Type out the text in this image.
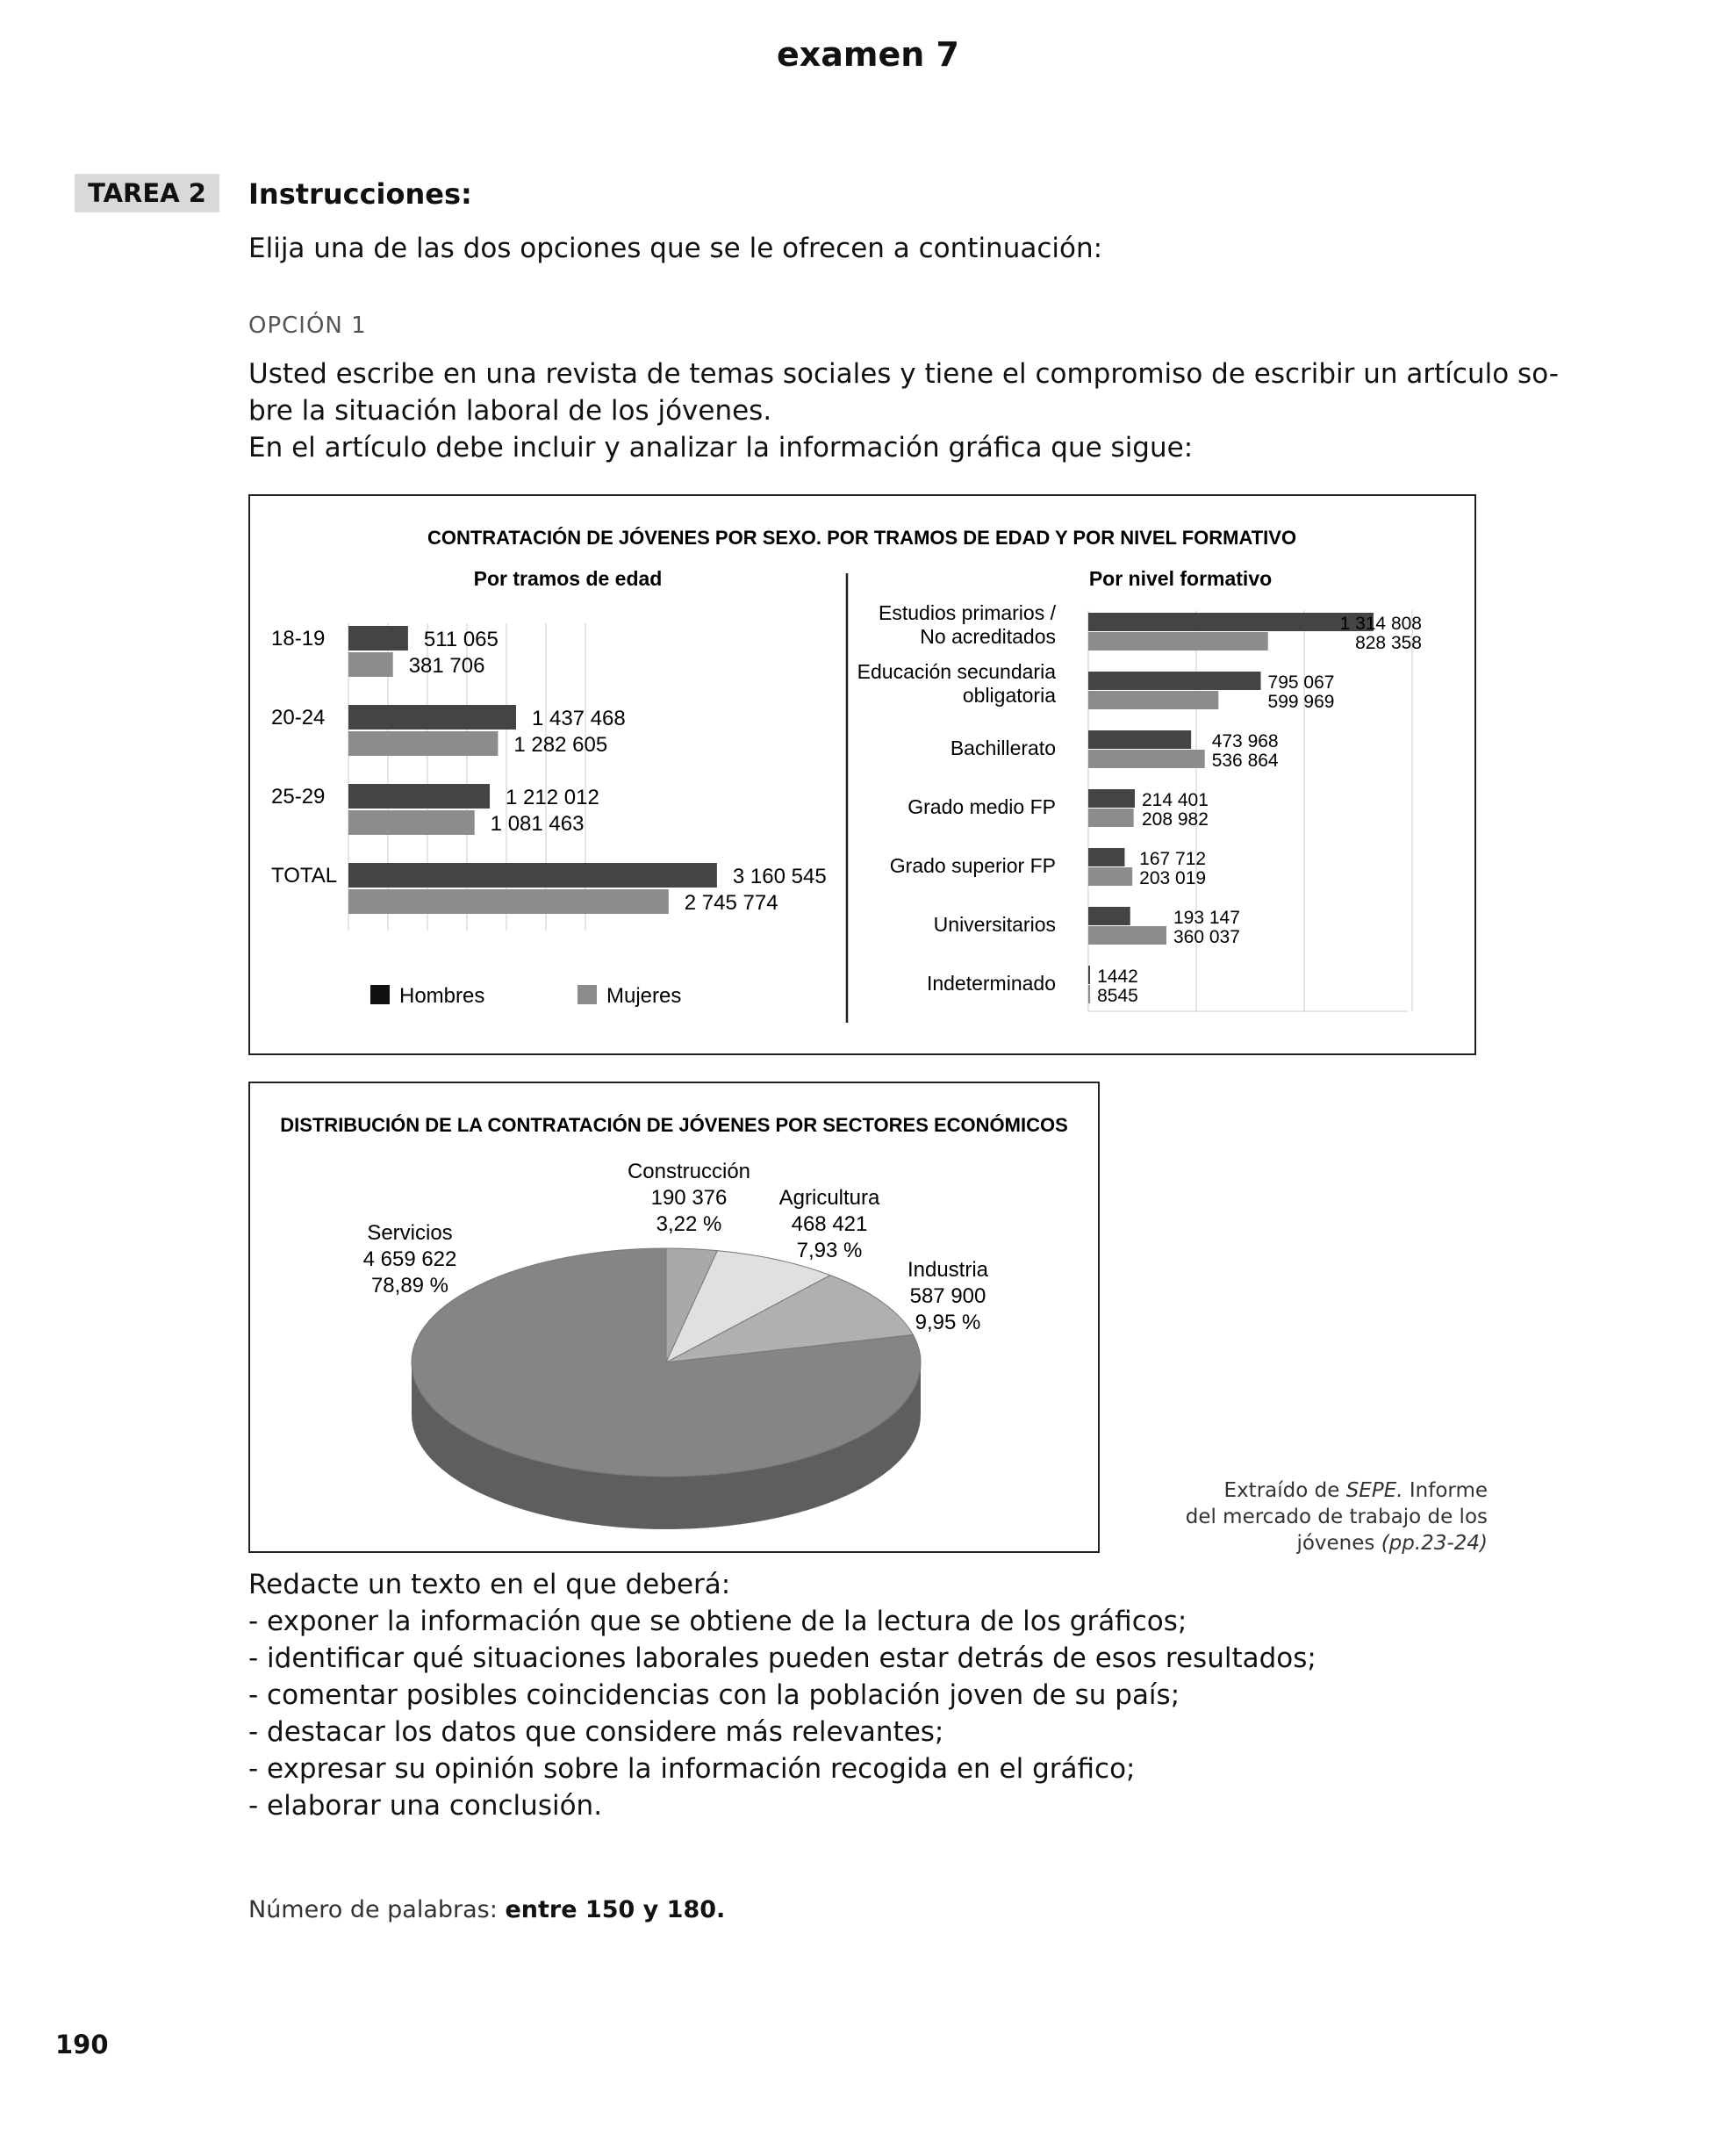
examen 7
TAREA 2	Instrucciones:
Elija una de las dos opciones que se le ofrecen a continuación:
OPCIÓN 1
Usted escribe en una revista de temas sociales y tiene el compromiso de escribir un artículo so-
bre la situación laboral de los jóvenes.
En el artículo debe incluir y analizar la información gráfica que sigue:
CONTRATACIÓN DE JÓVENES POR SEXO. POR TRAMOS DE EDAD Y POR NIVEL FORMATIVO
Por tramos de edad	Por nivel formativo
18-19	511 065
381 706
20-24	1 437 468
1 282 605
25-29	1 212 012
1 081 463
TOTAL	3 160 545
2 745 774
Estudios primarios /
No acreditados
1 314 808
828 358
Educación secundaria
obligatoria
795 067
599 969
Bachillerato	473 968
536 864
Grado medio FP	214 401
208 982
Grado superior FP	167 712
203 019
Universitarios	193 147
360 037
Indeterminado 1442
8545
Hombres	Mujeres
DISTRIBUCIÓN DE LA CONTRATACIÓN DE JÓVENES POR SECTORES ECONÓMICOS
Construcción
190 376
3,22 %
Agricultura
468 421
7,93 %
Industria
587 900
9,95 %
Servicios
4 659 622
78,89 %
Extraído de SEPE. Informe
del mercado de trabajo de los
jóvenes (pp.23-24)
Redacte un texto en el que deberá:
- exponer la información que se obtiene de la lectura de los gráficos;
- identificar qué situaciones laborales pueden estar detrás de esos resultados;
- comentar posibles coincidencias con la población joven de su país;
- destacar los datos que considere más relevantes;
- expresar su opinión sobre la información recogida en el gráfico;
- elaborar una conclusión.
Número de palabras: entre 150 y 180.
190
